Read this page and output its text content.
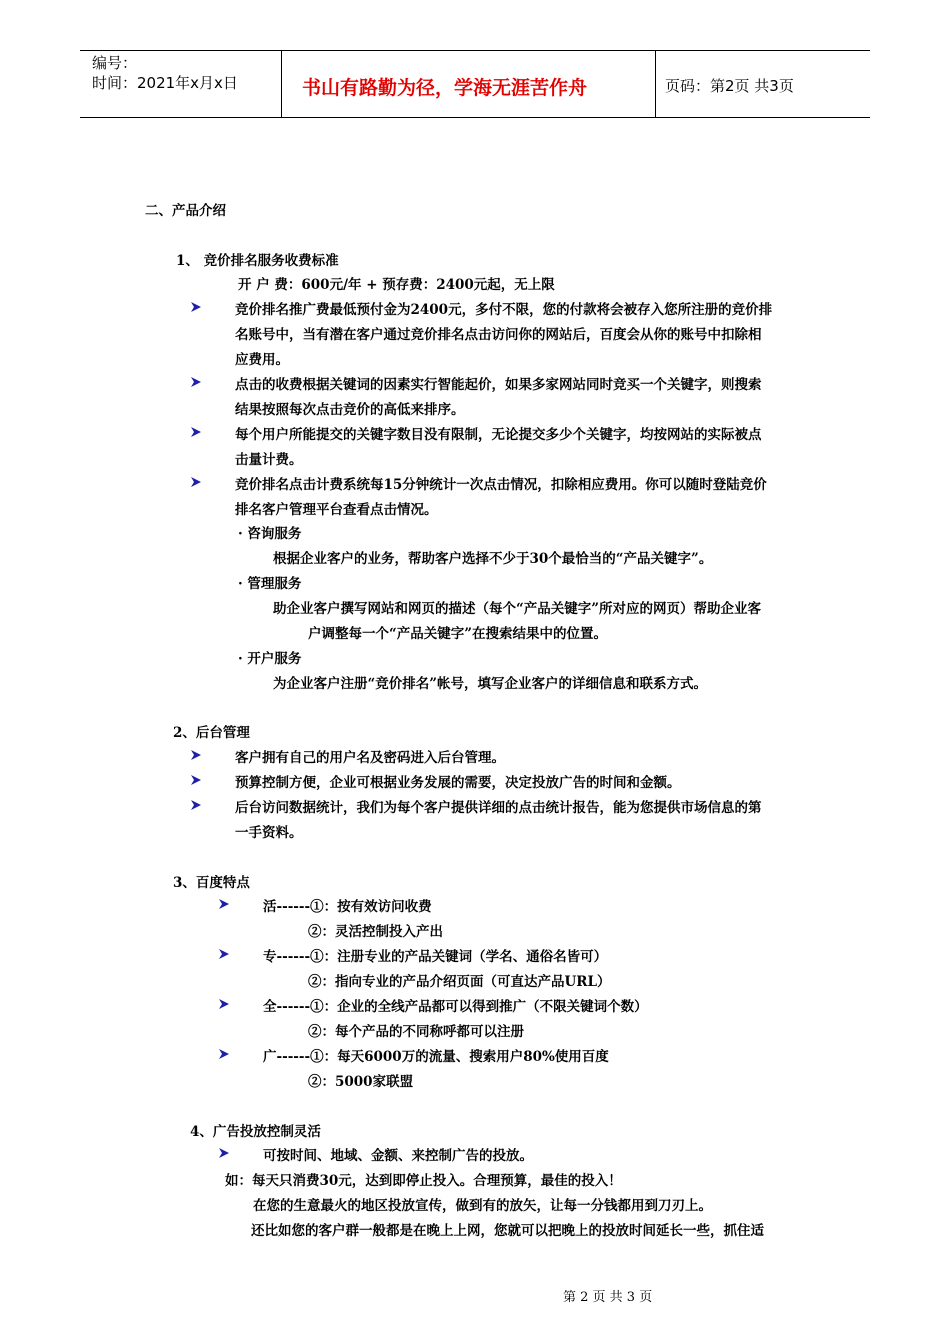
编号：
时间：2021年x月x日	书山有路勤为径，学海无涯苦作舟	页码：第2页 共3页
二、产品介绍
1、 竞价排名服务收费标准
开 户 费：600元/年 + 预存费：2400元起，无上限
竞价排名推广费最低预付金为2400元，多付不限，您的付款将会被存入您所注册的竞价排
名账号中，当有潜在客户通过竞价排名点击访问你的网站后，百度会从你的账号中扣除相
应费用。
点击的收费根据关键词的因素实行智能起价，如果多家网站同时竞买一个关键字，则搜索
结果按照每次点击竞价的高低来排序。
每个用户所能提交的关键字数目没有限制，无论提交多少个关键字，均按网站的实际被点
击量计费。
竞价排名点击计费系统每15分钟统计一次点击情况，扣除相应费用。你可以随时登陆竞价
排名客户管理平台查看点击情况。
· 咨询服务
根据企业客户的业务，帮助客户选择不少于30个最恰当的“产品关键字”。
· 管理服务
助企业客户撰写网站和网页的描述（每个“产品关键字”所对应的网页）帮助企业客
户调整每一个“产品关键字”在搜索结果中的位置。
· 开户服务
为企业客户注册“竞价排名”帐号，填写企业客户的详细信息和联系方式。
2、后台管理
客户拥有自己的用户名及密码进入后台管理。
预算控制方便，企业可根据业务发展的需要，决定投放广告的时间和金额。
后台访问数据统计，我们为每个客户提供详细的点击统计报告，能为您提供市场信息的第
一手资料。
3、百度特点
活------①：按有效访问收费
②：灵活控制投入产出
专------①：注册专业的产品关键词（学名、通俗名皆可）
②：指向专业的产品介绍页面（可直达产品URL）
全------①：企业的全线产品都可以得到推广（不限关键词个数）
②：每个产品的不同称呼都可以注册
广------①：每天6000万的流量、搜索用户80%使用百度
②：5000家联盟
4、广告投放控制灵活
可按时间、地域、金额、来控制广告的投放。
如：每天只消费30元，达到即停止投入。合理预算，最佳的投入！
在您的生意最火的地区投放宣传，做到有的放矢，让每一分钱都用到刀刃上。
还比如您的客户群一般都是在晚上上网，您就可以把晚上的投放时间延长一些，抓住适
第 2 页 共 3 页
